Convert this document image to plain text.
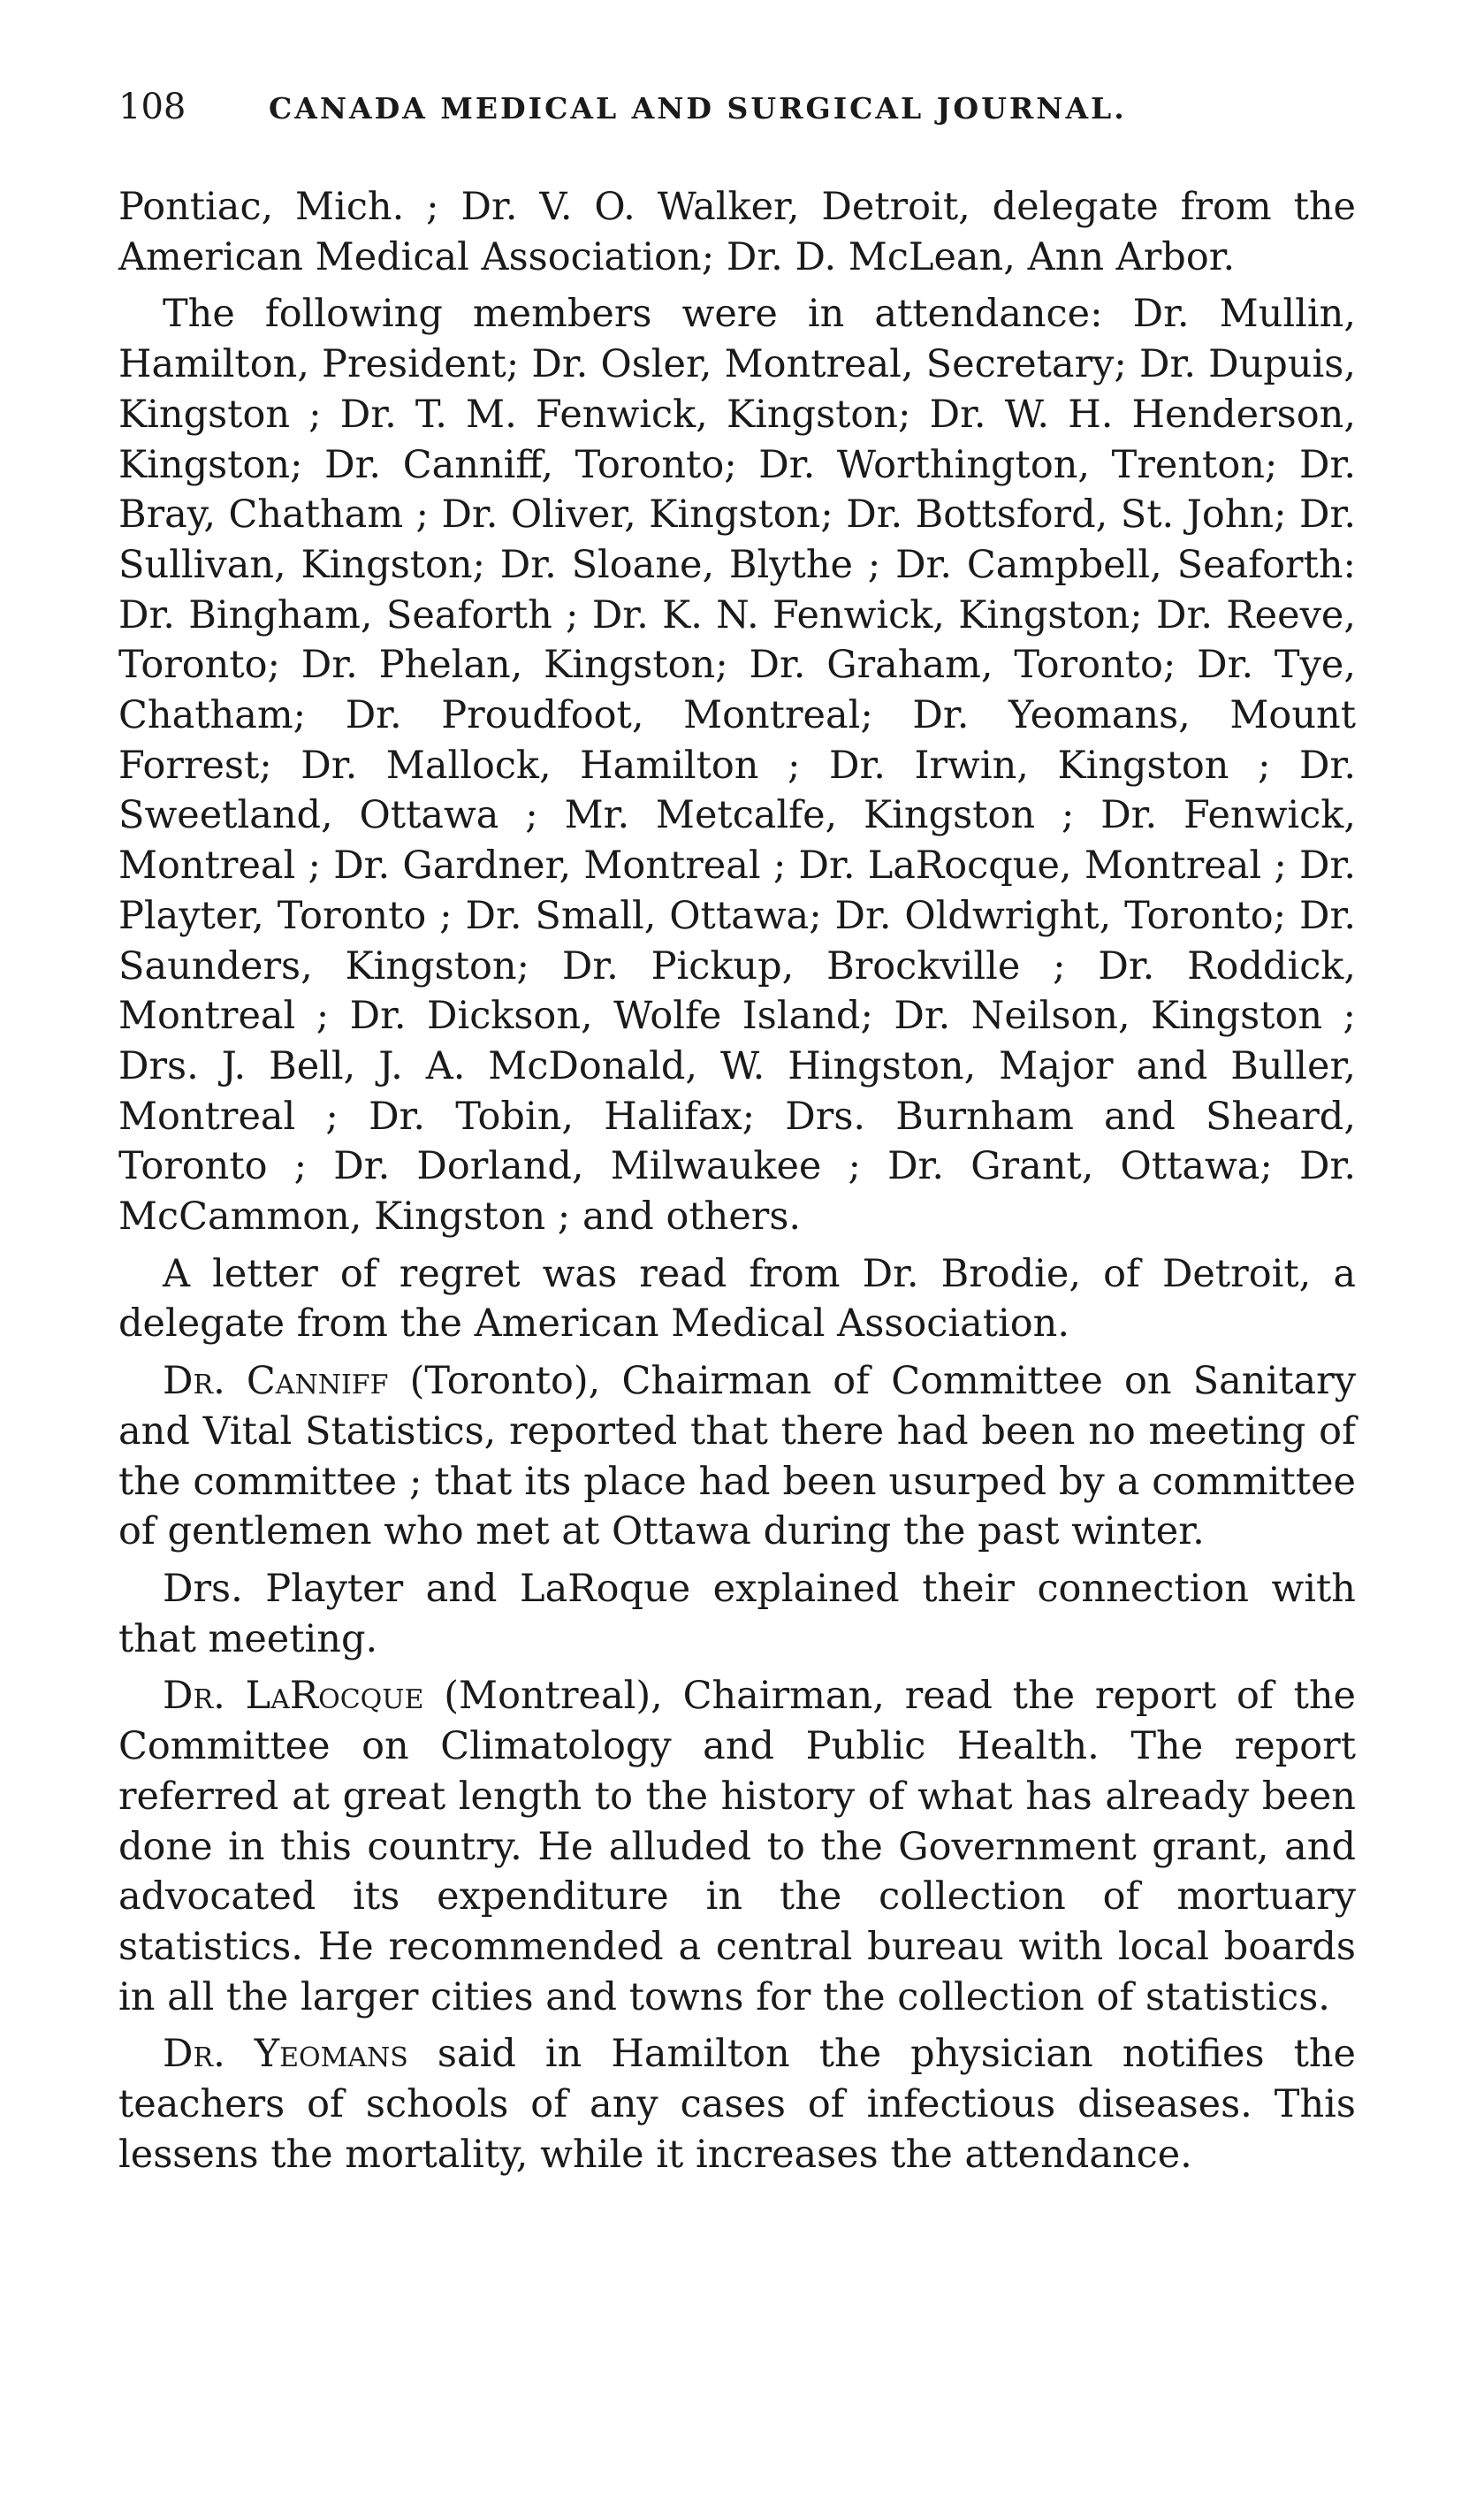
108	CANADA MEDICAL AND SURGICAL JOURNAL.

Pontiac, Mich. ; Dr. V. O. Walker, Detroit, delegate from the American Medical Association; Dr. D. McLean, Ann Arbor.

The following members were in attendance: Dr. Mullin, Hamilton, President; Dr. Osler, Montreal, Secretary; Dr. Dupuis, Kingston ; Dr. T. M. Fenwick, Kingston; Dr. W. H. Henderson, Kingston; Dr. Canniff, Toronto; Dr. Worthington, Trenton; Dr. Bray, Chatham ; Dr. Oliver, Kingston; Dr. Bottsford, St. John; Dr. Sullivan, Kingston; Dr. Sloane, Blythe ; Dr. Campbell, Seaforth: Dr. Bingham, Seaforth ; Dr. K. N. Fenwick, Kingston; Dr. Reeve, Toronto; Dr. Phelan, Kingston; Dr. Graham, Toronto; Dr. Tye, Chatham; Dr. Proudfoot, Montreal; Dr. Yeomans, Mount Forrest; Dr. Mallock, Hamilton ; Dr. Irwin, Kingston ; Dr. Sweetland, Ottawa ; Mr. Metcalfe, Kingston ; Dr. Fenwick, Montreal ; Dr. Gardner, Montreal ; Dr. LaRocque, Montreal ; Dr. Playter, Toronto ; Dr. Small, Ottawa; Dr. Oldwright, Toronto; Dr. Saunders, Kingston; Dr. Pickup, Brockville ; Dr. Roddick, Montreal ; Dr. Dickson, Wolfe Island; Dr. Neilson, Kingston ; Drs. J. Bell, J. A. McDonald, W. Hingston, Major and Buller, Montreal ; Dr. Tobin, Halifax; Drs. Burnham and Sheard, Toronto ; Dr. Dorland, Milwaukee ; Dr. Grant, Ottawa; Dr. McCammon, Kingston ; and others.

A letter of regret was read from Dr. Brodie, of Detroit, a delegate from the American Medical Association.

Dr. Canniff (Toronto), Chairman of Committee on Sanitary and Vital Statistics, reported that there had been no meeting of the committee ; that its place had been usurped by a committee of gentlemen who met at Ottawa during the past winter.

Drs. Playter and LaRoque explained their connection with that meeting.

Dr. LaRocque (Montreal), Chairman, read the report of the Committee on Climatology and Public Health. The report referred at great length to the history of what has already been done in this country. He alluded to the Government grant, and advocated its expenditure in the collection of mortuary statistics. He recommended a central bureau with local boards in all the larger cities and towns for the collection of statistics.

Dr. Yeomans said in Hamilton the physician notifies the teachers of schools of any cases of infectious diseases. This lessens the mortality, while it increases the attendance.
